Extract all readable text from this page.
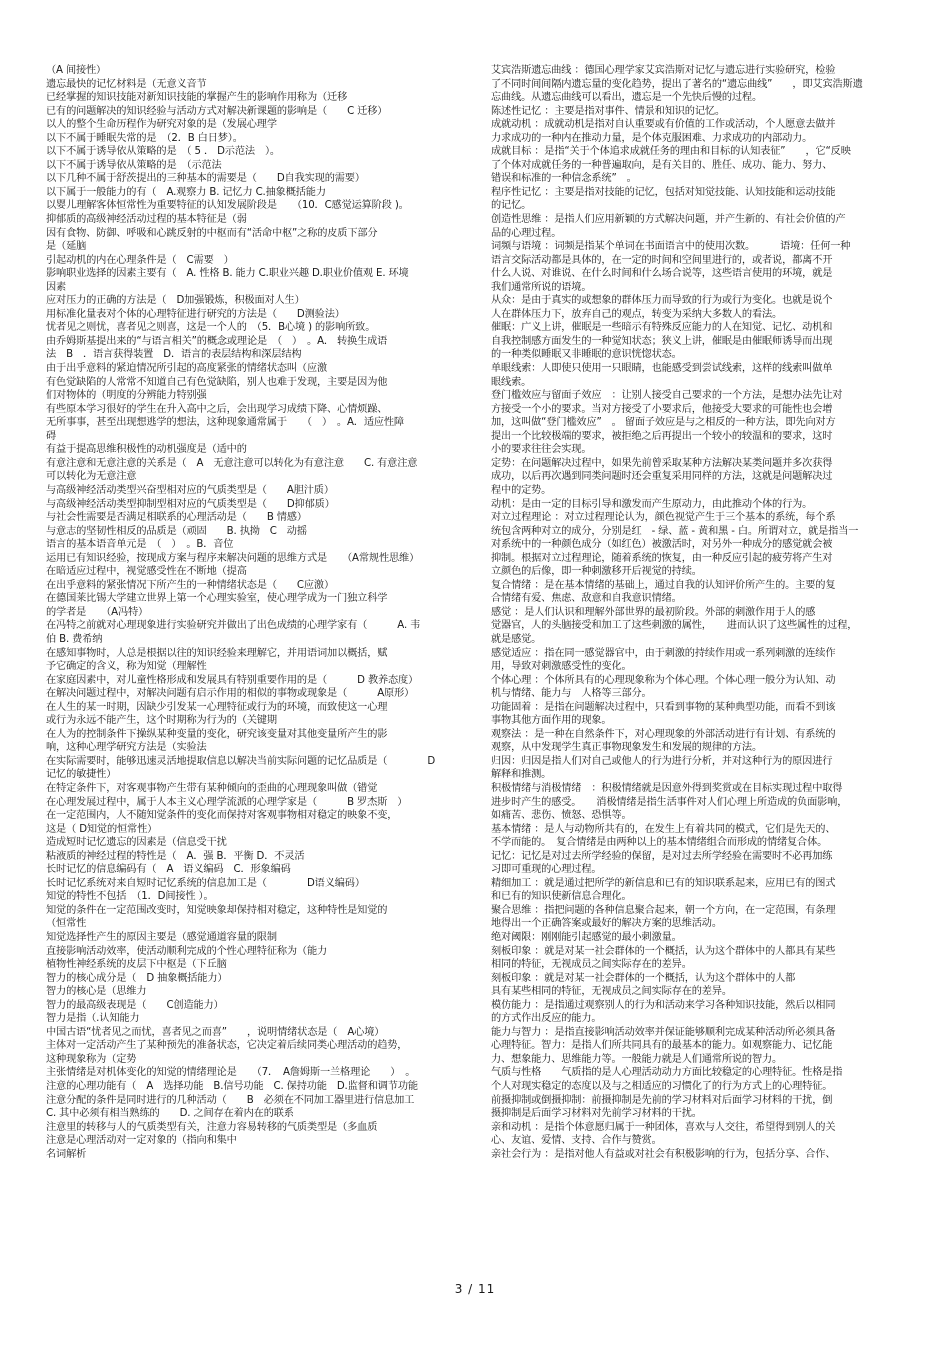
（A 间接性）
遗忘最快的记忆材料是（无意义音节
已经掌握的知识技能对新知识技能的掌握产生的影响作用称为（迁移
已有的问题解决的知识经验与活动方式对解决新课题的影响是（　　C 迁移）
以人的整个生命历程作为研究对象的是（发展心理学
以下不属于睡眠失常的是　（2．B 白日梦）。
以下不属于诱导依从策略的是　（ 5 ． D示范法　）。
以下不属于诱导依从策略的是　（示范法
以下几种不属于舒茨提出的三种基本的需要是（　　D自我实现的需要）
以下属于一般能力的有（　A.观察力 B. 记忆力 C.抽象概括能力
以婴儿理解客体恒常性为重要特征的认知发展阶段是　　（10．C感觉运算阶段 )。
抑郁质的高级神经活动过程的基本特征是（弱
因有食物、防御、呼吸和心跳反射的中枢而有“活命中枢”之称的皮质下部分
是（延脑
引起动机的内在心理条件是（　C需要　）
影响职业选择的因素主要有（　A. 性格 B. 能力 C.职业兴趣 D.职业价值观 E. 环境
因素
应对压力的正确的方法是（　D加强锻炼，积极面对人生）
用标准化量表对个体的心理特征进行研究的方法是（　　D测验法）
忧者见之则忧，喜者见之则喜，这是一个人的　（5．B心境 ) 的影响所致。
由乔姆斯基提出来的“与语言相关”的概念或理论是　（　）　。A． 转换生成语
法　B　．语言获得装置　D．语言的表层结构和深层结构
由于出乎意料的紧迫情况所引起的高度紧张的情绪状态叫（应激
有色觉缺陷的人常常不知道自己有色觉缺陷，别人也难于发现，主要是因为他
们对物体的（明度的分辨能力特别强
有些原本学习很好的学生在升入高中之后，会出现学习成绩下降、心情烦躁、
无所事事，甚至出现想逃学的想法，这种现象通常属于　　（　）　。A．适应性障
碍
有益于提高思维积极性的动机强度是（适中的
有意注意和无意注意的关系是（　A　无意注意可以转化为有意注意　　C. 有意注意
可以转化为无意注意
与高级神经活动类型兴奋型相对应的气质类型是（　　A胆汁质）
与高级神经活动类型抑制型相对应的气质类型是（　　D抑郁质）
与社会性需要是否满足相联系的心理活动是（　　B 情感）
与意志的坚韧性相反的品质是（顽固　　B. 执拗　C　动摇
语言的基本语音单元是　（　）　。B．音位
运用已有知识经验，按现成方案与程序来解决问题的思维方式是　　（A常规性思维）
在暗适应过程中，视觉感受性在不断地（提高
在出乎意料的紧张情况下所产生的一种情绪状态是（　　C应激）
在德国莱比锡大学建立世界上第一个心理实验室，使心理学成为一门独立科学
的学者是　　（A冯特）
在冯特之前就对心理现象进行实验研究并做出了出色成绩的心理学家有（　　　A. 韦
伯 B. 费希纳
在感知事物时，人总是根据以往的知识经验来理解它，并用语词加以概括，赋
予它确定的含义，称为知觉（理解性
在家庭因素中，对儿童性格形成和发展具有特别重要作用的是（　　　D 教养态度）
在解决问题过程中，对解决问题有启示作用的相似的事物或现象是（　　　A原形）
在人生的某一时期，因缺少引发某一心理特征或行为的环境，而致使这一心理
或行为永远不能产生，这个时期称为行为的（关键期
在人为的控制条件下操纵某种变量的变化，研究该变量对其他变量所产生的影
响，这种心理学研究方法是（实验法
在实际需要时，能够迅速灵活地提取信息以解决当前实际问题的记忆品质是（　　　　D
记忆的敏捷性）
在特定条件下，对客观事物产生带有某种倾向的歪曲的心理现象叫做（错觉
在心理发展过程中，属于人本主义心理学流派的心理学家是（　　　B 罗杰斯　）
在一定范围内，人不随知觉条件的变化而保持对客观事物相对稳定的映象不变，
这是（ D知觉的恒常性）
造成短时记忆遗忘的因素是（信息受干扰
粘液质的神经过程的特性是（　A．强 B．平衡 D．不灵活
长时记忆的信息编码有（　A　语义编码　C．形象编码
长时记忆系统对来自短时记忆系统的信息加工是（　　　　D语义编码）
知觉的特性不包括　（1．D间接性 ）。
知觉的条件在一定范围改变时，知觉映象却保持相对稳定，这种特性是知觉的
（恒常性
知觉选择性产生的原因主要是（感觉通道容量的限制
直接影响活动效率，使活动顺利完成的个性心理特征称为（能力
植物性神经系统的皮层下中枢是（下丘脑
智力的核心成分是（　D 抽象概括能力）
智力的核心是（思维力
智力的最高级表现是（　　C创造能力）
智力是指（.认知能力
中国古语“忧者见之而忧，喜者见之而喜”　　，说明情绪状态是（　A心境）
主体对一定活动产生了某种预先的准备状态，它决定着后续同类心理活动的趋势，
这种现象称为（定势
主张情绪是对机体变化的知觉的情绪理论是　　（7．　A詹姆斯一兰格理论　　）　。
注意的心理功能有（　A　选择功能　B.信号功能　C. 保持功能　D.监督和调节功能
注意分配的条件是同时进行的几种活动（　　B　必须在不同加工器里进行信息加工
C. 其中必须有相当熟练的　　D. 之间存在着内在的联系
注意里的转移与人的气质类型有关，注意力容易转移的气质类型是（多血质
注意是心理活动对一定对象的（指向和集中
名词解析
艾宾浩斯遗忘曲线 ：德国心理学家艾宾浩斯对记忆与遗忘进行实验研究，检验
了不同时间间隔内遗忘量的变化趋势，提出了著名的“遗忘曲线”　　，即艾宾浩斯遗
忘曲线。从遗忘曲线可以看出，遗忘是一个先快后慢的过程。
陈述性记忆 ：主要是指对事件、情景和知识的记忆。
成就动机 ：成就动机是指对自认重要或有价值的工作或活动，个人愿意去做并
力求成功的一种内在推动力量，是个体克服困难、力求成功的内部动力。
成就目标 ：是指“关于个体追求成就任务的理由和目标的认知表征”　　，它“反映
了个体对成就任务的一种普遍取向，是有关目的、胜任、成功、能力、努力、
错误和标准的一种信念系统”　。
程序性记忆 ：主要是指对技能的记忆，包括对知觉技能、认知技能和运动技能
的记忆。
创造性思维 ：是指人们应用新颖的方式解决问题，并产生新的、有社会价值的产
品的心理过程。
词频与语境 ：词频是指某个单词在书面语言中的使用次数。　　　语境：任何一种
语言交际活动都是具体的，在一定的时间和空间里进行的，或者说，都离不开
什么人说、对谁说、在什么时间和什么场合说等，这些语言使用的环境，就是
我们通常所说的语境。
从众：是由于真实的或想象的群体压力而导致的行为或行为变化。也就是说个
人在群体压力下，放弃自己的观点，转变为采纳大多数人的看法。
催眠：广义上讲，催眠是一些暗示有特殊反应能力的人在知觉、记忆、动机和
自我控制感方面发生的一种觉知状态；狭义上讲，催眠是由催眠师诱导而出现
的一种类似睡眠又非睡眠的意识恍惚状态。
单眼线索：人即使只使用一只眼睛，也能感受到尝试线索，这样的线索叫做单
眼线索。
登门槛效应与留面子效应　：让别人接受自己要求的一个方法，是想办法先让对
方接受一个小的要求。当对方接受了小要求后，他接受大要求的可能性也会增
加，这叫做“登门槛效应”　。 留面子效应是与之相反的一种方法，即先向对方
提出一个比较极端的要求，被拒绝之后再提出一个较小的较温和的要求，这时
小的要求往往会实现。
定势：在问题解决过程中，如果先前曾采取某种方法解决某类问题并多次获得
成功，以后再次遇到同类问题时还会重复采用同样的方法，这就是问题解决过
程中的定势。
动机：是由一定的目标引导和激发而产生原动力，由此推动个体的行为。
对立过程理论 ：对立过程理论认为，颜色视觉产生于三个基本的系统，每个系
统包含两种对立的成分，分别是红　- 绿、蓝 - 黄和黑 - 白。所谓对立，就是指当一
对系统中的一种颜色成分（如红色）被激活时，对另外一种成分的感觉就会被
抑制。根据对立过程理论，随着系统的恢复，由一种反应引起的疲劳将产生对
立颜色的后像，即一种刺激移开后视觉的持续。
复合情绪 ：是在基本情绪的基础上，通过自我的认知评价所产生的。主要的复
合情绪有爱、焦虑、敌意和自我意识情绪。
感觉 ：是人们认识和理解外部世界的最初阶段。外部的刺激作用于人的感
觉器官，人的头脑接受和加工了这些刺激的属性，　　进而认识了这些属性的过程，
就是感觉。
感觉适应 ：指在同一感觉器官中，由于刺激的持续作用或一系列刺激的连续作
用，导致对刺激感受性的变化。
个体心理 ：个体所具有的心理现象称为个体心理。个体心理一般分为认知、动
机与情绪、能力与　人格等三部分。
功能固着 ：是指在问题解决过程中，只看到事物的某种典型功能，而看不到该
事物其他方面作用的现象。
观察法 ：是一种在自然条件下，对心理现象的外部活动进行有计划、有系统的
观察，从中发现学生真正事物现象发生和发展的规律的方法。
归因：归因是指人们对自己或他人的行为进行分析，并对这种行为的原因进行
解释和推测。
积极情绪与消极情绪　：积极情绪就是因意外得到奖赏或在目标实现过程中取得
进步时产生的感受。　　消极情绪是指生活事件对人们心理上所造成的负面影响，
如痛苦、悲伤、愤怒、恐惧等。
基本情绪 ：是人与动物所共有的，在发生上有着共同的模式，它们是先天的、
不学而能的。　复合情绪是由两种以上的基本情绪组合而形成的情绪复合体。
记忆：记忆是对过去所学经验的保留，是对过去所学经验在需要时不必再加练
习即可重现的心理过程。
精细加工 ：就是通过把所学的新信息和已有的知识联系起来，应用已有的图式
和已有的知识使新信息合理化。
聚合思维 ：指把问题的各种信息聚合起来，朝一个方向，在一定范围，有条理
地得出一个正确答案或最好的解决方案的思维活动。
绝对阈限：刚刚能引起感觉的最小刺激量。
刻板印象 ：就是对某一社会群体的一个概括，认为这个群体中的人都具有某些
相同的特征，无视成员之间实际存在的差异。
刻板印象 ：就是对某一社会群体的一个概括，认为这个群体中的人都
具有某些相同的特征，无视成员之间实际存在的差异。
模仿能力 ：是指通过观察别人的行为和活动来学习各种知识技能，然后以相同
的方式作出反应的能力。
能力与智力 ：是指直接影响活动效率并保证能够顺利完成某种活动所必须具备
心理特征。智力：是指人们所共同具有的最基本的能力。如观察能力、记忆能
力、想象能力、思维能力等。一般能力就是人们通常所说的智力。
气质与性格　　气质指的是人心理活动动力方面比较稳定的心理特征。性格是指
个人对现实稳定的态度以及与之相适应的习惯化了的行为方式上的心理特征。
前摄抑制或倒摄抑制：前摄抑制是先前的学习材料对后面学习材料的干扰，倒
摄抑制是后面学习材料对先前学习材料的干扰。
亲和动机 ：是指个体意愿归属于一种团体，喜欢与人交往，希望得到别人的关
心、友谊、爱情、支持、合作与赞赏。
亲社会行为 ：是指对他人有益或对社会有积极影响的行为，包括分享、合作、
3 / 11
